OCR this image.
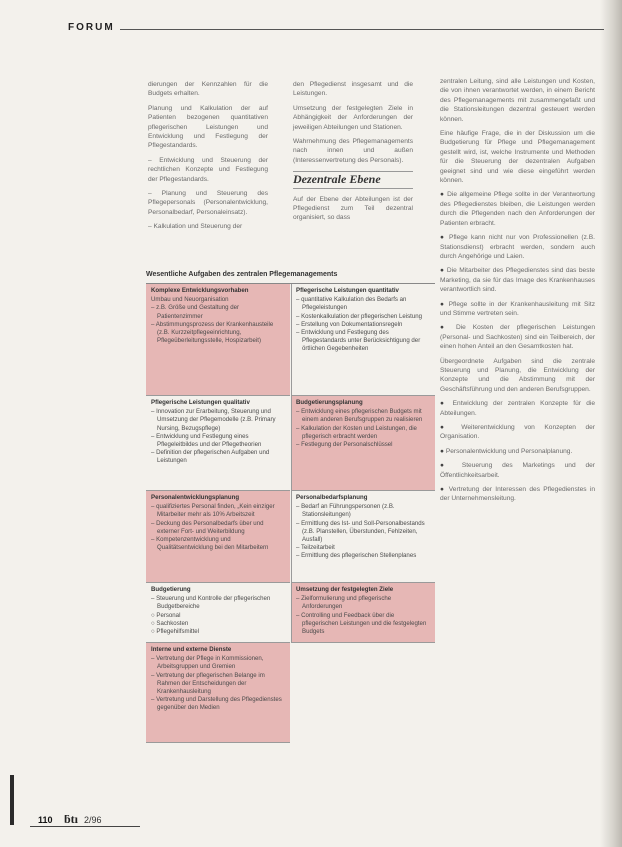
FORUM

dierungen der Kennzahlen für die Budgets erhalten.

Planung und Kalkulation der auf Patienten bezogenen quantitativen pflegerischen Leistungen und Entwicklung und Festlegung der Pflegestandards.

– Entwicklung und Steuerung der rechtlichen Konzepte und Festlegung der Pflegestandards.

– Planung und Steuerung des Pflegepersonals (Personalentwicklung, Personalbedarf, Personaleinsatz).

– Kalkulation und Steuerung der

den Pflegedienst insgesamt und die Leistungen.

Umsetzung der festgelegten Ziele in Abhängigkeit der Anforderungen der jeweiligen Abteilungen und Stationen.

Wahrnehmung des Pflegemanagements nach innen und außen (Interessenvertretung des Personals).

Dezentrale Ebene

Auf der Ebene der Abteilungen ist der Pflegedienst zum Teil dezentral organisiert, so dass

zentralen Leitung, sind alle Leistungen und Kosten, die von ihnen verantwortet werden, in einem Bericht des Pflegemanagements mit zusammengefaßt und die Stationsleitungen dezentral gesteuert werden können.

Eine häufige Frage, die in der Diskussion um die Budgetierung für Pflege und Pflegemanagement gestellt wird, ist, welche Instrumente und Methoden für die Steuerung der dezentralen Aufgaben geeignet sind und wie diese eingeführt werden können.

● Die allgemeine Pflege sollte in der Verantwortung des Pflegedienstes bleiben, die Leistungen werden durch die Pflegenden nach den Anforderungen der Patienten erbracht.

● Pflege kann nicht nur von Professionellen (z.B. Stationsdienst) erbracht werden, sondern auch durch Angehörige und Laien.

● Die Mitarbeiter des Pflegedienstes sind das beste Marketing, da sie für das Image des Krankenhauses verantwortlich sind.

● Pflege sollte in der Krankenhausleitung mit Sitz und Stimme vertreten sein.

● Die Kosten der pflegerischen Leistungen (Personal- und Sachkosten) sind ein Teilbereich, der einen hohen Anteil an den Gesamtkosten hat.

Übergeordnete Aufgaben sind die zentrale Steuerung und Planung, die Entwicklung der Konzepte und die Abstimmung mit der Geschäftsführung und den anderen Berufsgruppen.

● Entwicklung der zentralen Konzepte für die Abteilungen.

● Weiterentwicklung von Konzepten der Organisation.

● Personalentwicklung und Personalplanung.

● Steuerung des Marketings und der Öffentlichkeitsarbeit.

● Vertretung der Interessen des Pflegedienstes in der Unternehmensleitung.

Wesentliche Aufgaben des zentralen Pflegemanagements
Komplexe Entwicklungsvorhaben
Umbau und Neuorganisation
– z.B. Größe und Gestaltung der Patientenzimmer
– Abstimmungsprozess der Krankenhausteile (z.B. Kurzzeitpflegeeinrichtung, Pflegeüberleitungsstelle, Hospizarbeit)
Pflegerische Leistungen quantitativ
– quantitative Kalkulation des Bedarfs an Pflegeleistungen
– Kostenkalkulation der pflegerischen Leistung
– Erstellung von Dokumentationsregeln
– Entwicklung und Festlegung des Pflegestandards unter Berücksichtigung der örtlichen Gegebenheiten
Pflegerische Leistungen qualitativ
– Innovation zur Erarbeitung, Steuerung und Umsetzung der Pflegemodelle (z.B. Primary Nursing, Bezugspflege)
– Entwicklung und Festlegung eines Pflegeleitbildes und der Pflegetheorien
– Definition der pflegerischen Aufgaben und Leistungen
Budgetierungsplanung
– Entwicklung eines pflegerischen Budgets mit einem anderen Berufsgruppen zu realisieren
– Kalkulation der Kosten und Leistungen, die pflegerisch erbracht werden
– Festlegung der Personalschlüssel
Personalentwicklungsplanung
– qualifiziertes Personal finden, „Kein einziger Mitarbeiter mehr als 10% Arbeitszeit
– Deckung des Personalbedarfs über und externer Fort- und Weiterbildung
– Kompetenzentwicklung und Qualitätsentwicklung bei den Mitarbeitern
Personalbedarfsplanung
– Bedarf an Führungspersonen (z.B. Stationsleitungen)
– Ermittlung des Ist- und Soll-Personalbestands (z.B. Planstellen, Überstunden, Fehlzeiten, Ausfall)
– Teilzeitarbeit
– Ermittlung des pflegerischen Stellenplanes
Budgetierung
– Steuerung und Kontrolle der pflegerischen Budgetbereiche
○ Personal
○ Sachkosten
○ Pflegehilfsmittel
Umsetzung der festgelegten Ziele
– Zielformulierung und pflegerische Anforderungen
– Controlling und Feedback über die pflegerischen Leistungen und die festgelegten Budgets
Interne und externe Dienste
– Vertretung der Pflege in Kommissionen, Arbeitsgruppen und Gremien
– Vertretung der pflegerischen Belange im Rahmen der Entscheidungen der Krankenhausleitung
– Vertretung und Darstellung des Pflegedienstes gegenüber den Medien
110 ƃtı 2/96
